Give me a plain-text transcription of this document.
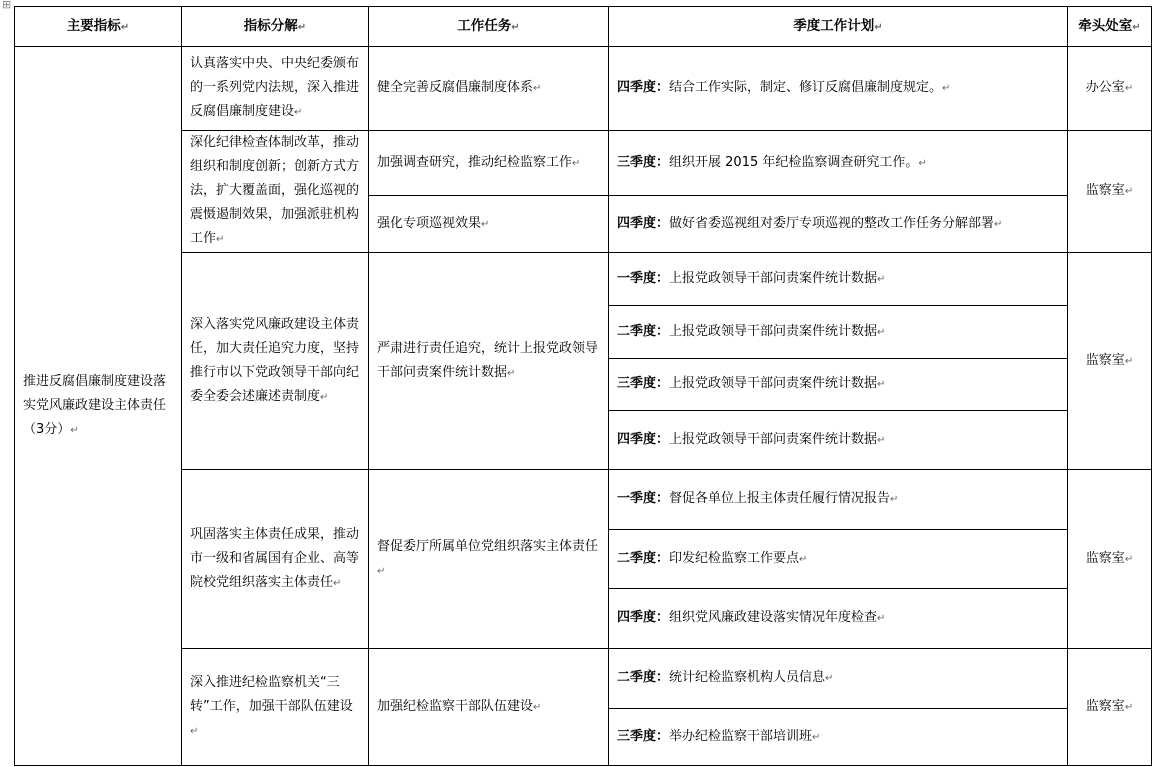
主要指标↵	指标分解↵	工作任务↵	季度工作计划↵	牵头处室↵
推进反腐倡廉制度建设落实党风廉政建设主体责任（3分）↵	认真落实中央、中央纪委颁布的一系列党内法规，深入推进反腐倡廉制度建设↵	健全完善反腐倡廉制度体系↵	四季度：结合工作实际，制定、修订反腐倡廉制度规定。↵	办公室↵
	深化纪律检查体制改革，推动组织和制度创新；创新方式方法，扩大覆盖面，强化巡视的震慑遏制效果，加强派驻机构工作↵	加强调查研究，推动纪检监察工作↵	三季度：组织开展 2015 年纪检监察调查研究工作。↵	监察室↵
		强化专项巡视效果↵	四季度：做好省委巡视组对委厅专项巡视的整改工作任务分解部署↵	
	深入落实党风廉政建设主体责任，加大责任追究力度，坚持推行市以下党政领导干部向纪委全委会述廉述责制度↵	严肃进行责任追究，统计上报党政领导干部问责案件统计数据↵	一季度：上报党政领导干部问责案件统计数据↵	监察室↵
			二季度：上报党政领导干部问责案件统计数据↵	
			三季度：上报党政领导干部问责案件统计数据↵	
			四季度：上报党政领导干部问责案件统计数据↵	
	巩固落实主体责任成果，推动市一级和省属国有企业、高等院校党组织落实主体责任↵	督促委厅所属单位党组织落实主体责任↵	一季度：督促各单位上报主体责任履行情况报告↵	监察室↵
			二季度：印发纪检监察工作要点↵	
			四季度：组织党风廉政建设落实情况年度检查↵	
	深入推进纪检监察机关“三转”工作，加强干部队伍建设↵	加强纪检监察干部队伍建设↵	二季度：统计纪检监察机构人员信息↵	监察室↵
			三季度：举办纪检监察干部培训班↵	
⊞
